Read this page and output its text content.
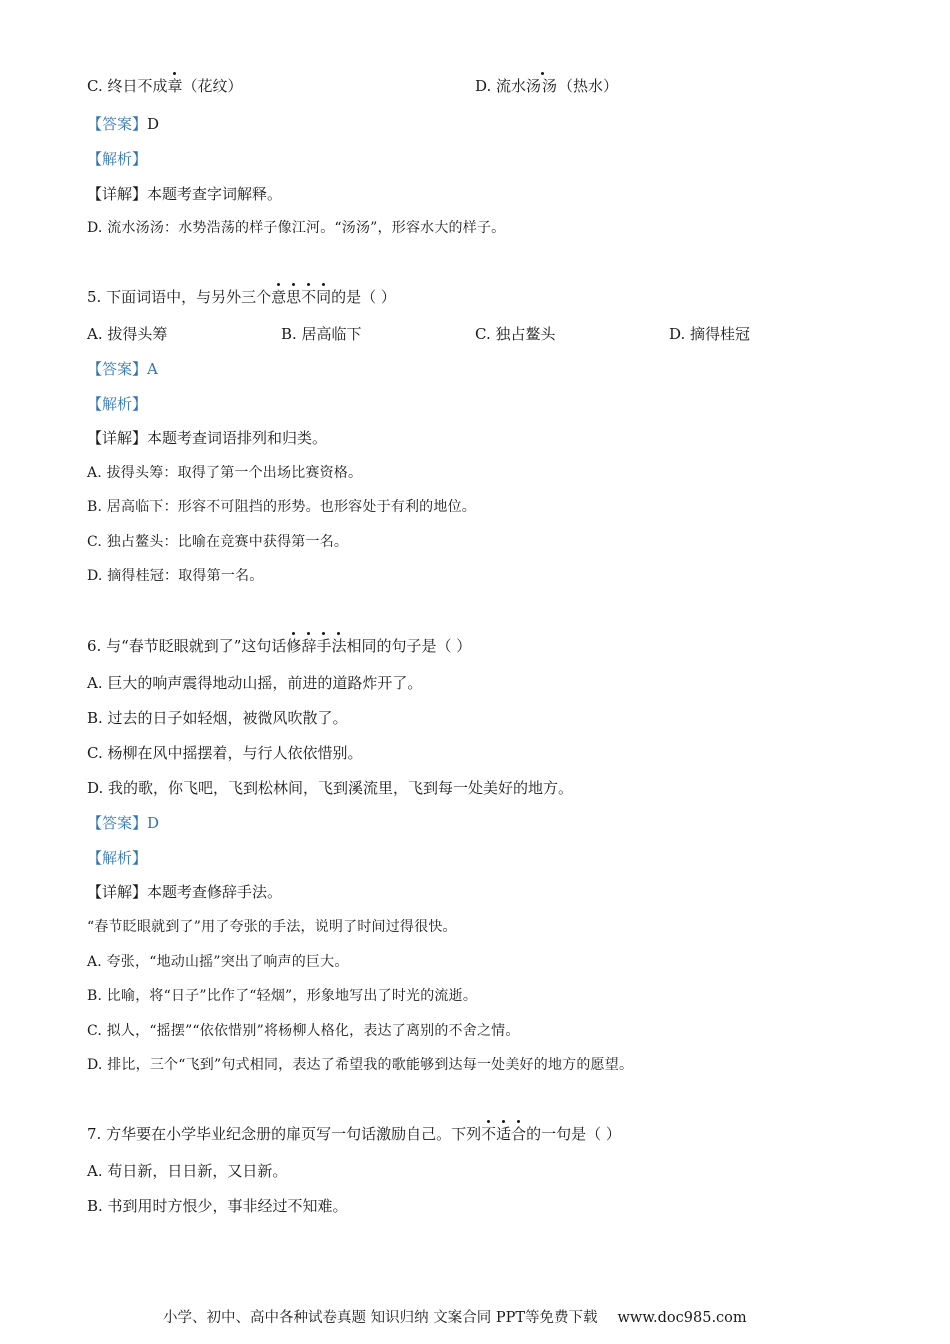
C. 终日不成章（花纹）	D. 流水汤汤（热水）
【答案】D
【解析】
【详解】本题考查字词解释。
D. 流水汤汤：水势浩荡的样子像江河。“汤汤”，形容水大的样子。
5. 下面词语中，与另外三个意思不同的是（ ）
A. 拔得头筹	B. 居高临下	C. 独占鳌头	D. 摘得桂冠
【答案】A
【解析】
【详解】本题考查词语排列和归类。
A. 拔得头筹：取得了第一个出场比赛资格。
B. 居高临下：形容不可阻挡的形势。也形容处于有利的地位。
C. 独占鳌头：比喻在竞赛中获得第一名。
D. 摘得桂冠：取得第一名。
6. 与“春节眨眼就到了”这句话修辞手法相同的句子是（ ）
A. 巨大的响声震得地动山摇，前进的道路炸开了。
B. 过去的日子如轻烟，被微风吹散了。
C. 杨柳在风中摇摆着，与行人依依惜别。
D. 我的歌，你飞吧，飞到松林间，飞到溪流里，飞到每一处美好的地方。
【答案】D
【解析】
【详解】本题考查修辞手法。
“春节眨眼就到了”用了夸张的手法，说明了时间过得很快。
A. 夸张，“地动山摇”突出了响声的巨大。
B. 比喻，将“日子”比作了“轻烟”，形象地写出了时光的流逝。
C. 拟人，“摇摆”“依依惜别”将杨柳人格化，表达了离别的不舍之情。
D. 排比，三个“飞到”句式相同，表达了希望我的歌能够到达每一处美好的地方的愿望。
7. 方华要在小学毕业纪念册的扉页写一句话激励自己。下列不适合的一句是（ ）
A. 苟日新，日日新，又日新。
B. 书到用时方恨少，事非经过不知难。
小学、初中、高中各种试卷真题 知识归纳 文案合同 PPT等免费下载 www.doc985.com
